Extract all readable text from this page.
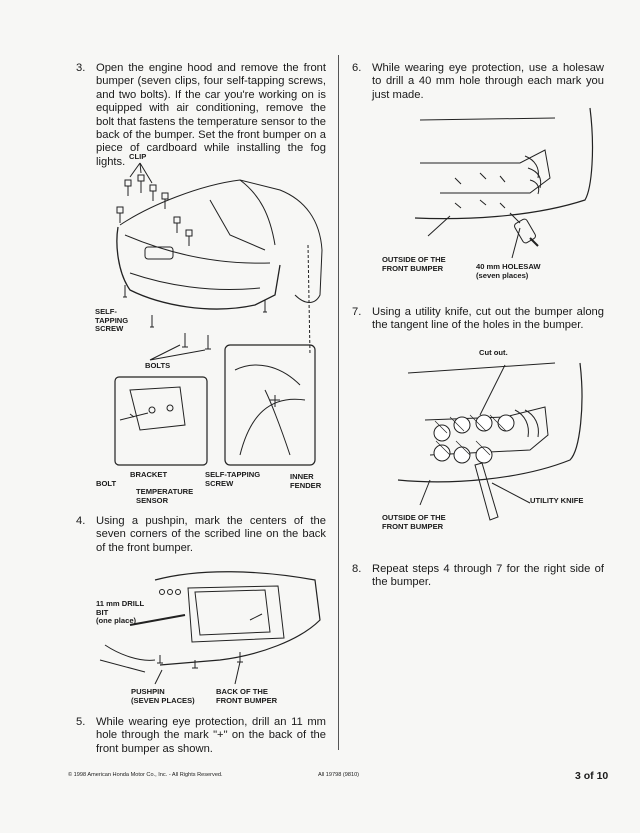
3. Open the engine hood and remove the front bumper (seven clips, four self-tapping screws, and two bolts). If the car you're working on is equipped with air conditioning, remove the bolt that fastens the temperature sensor to the back of the bumper. Set the front bumper on a piece of cardboard while installing the fog lights. CLIP
SELF-
TAPPING
SCREW
BOLTS
BOLT
BRACKET
TEMPERATURE
SENSOR
SELF-TAPPING
SCREW
INNER
FENDER
4. Using a pushpin, mark the centers of the seven corners of the scribed line on the back of the front bumper.
11 mm DRILL
BIT
(one place)
PUSHPIN
(SEVEN PLACES)
BACK OF THE
FRONT BUMPER
5. While wearing eye protection, drill an 11 mm hole through the mark "+" on the back of the front bumper as shown.
6. While wearing eye protection, use a holesaw to drill a 40 mm hole through each mark you just made.
OUTSIDE OF THE
FRONT BUMPER	40 mm HOLESAW
(seven places)
7. Using a utility knife, cut out the bumper along the tangent line of the holes in the bumper.
Cut out.
UTILITY KNIFE
OUTSIDE OF THE
FRONT BUMPER
8. Repeat steps 4 through 7 for the right side of the bumper.
© 1998 American Honda Motor Co., Inc. - All Rights Reserved.	All 19798 (9810)	3 of 10
